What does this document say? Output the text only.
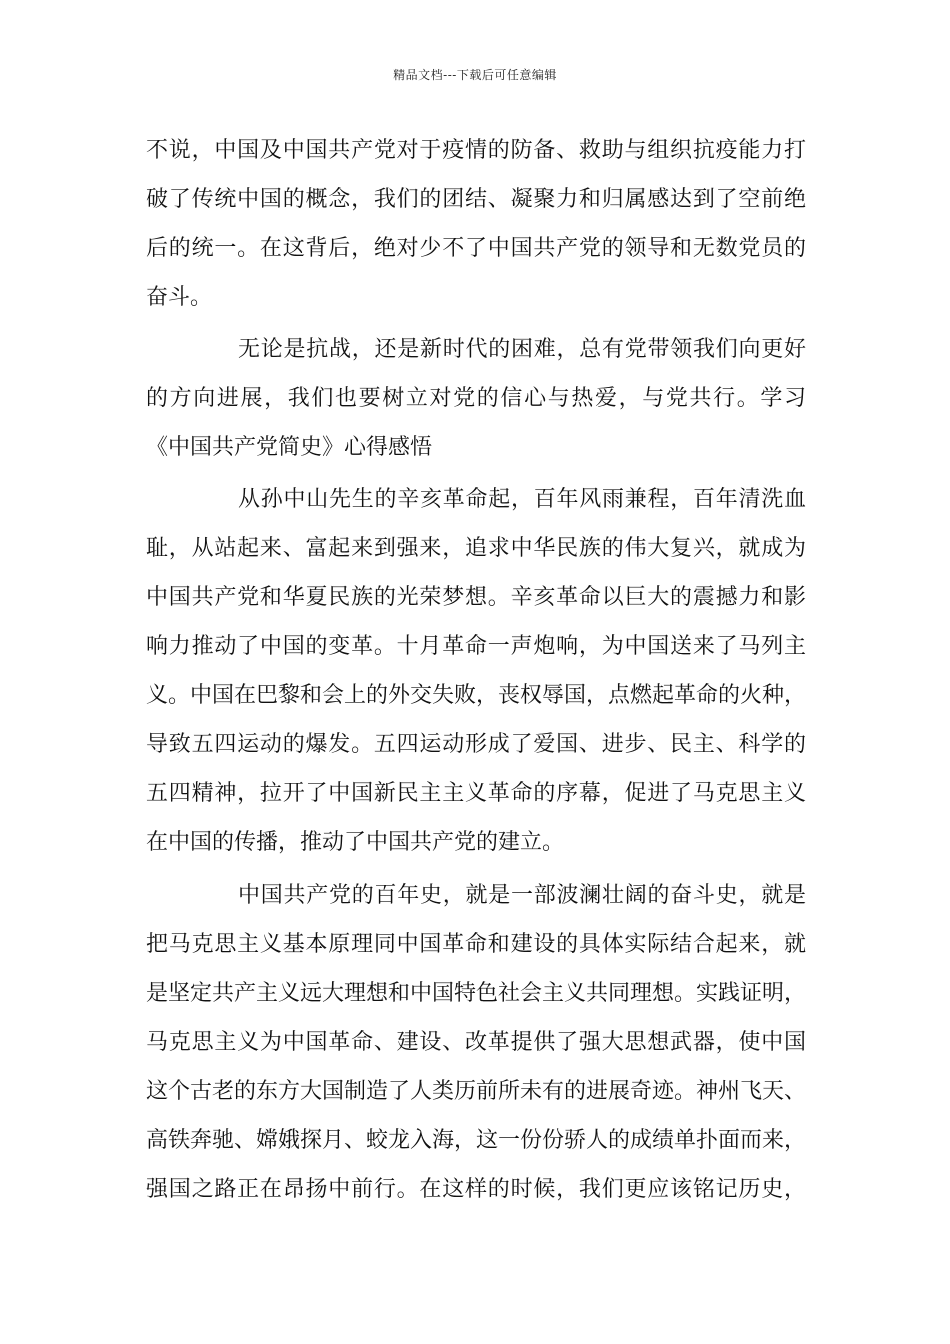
精品文档---下载后可任意编辑
不说，中国及中国共产党对于疫情的防备、救助与组织抗疫能力打
破了传统中国的概念，我们的团结、凝聚力和归属感达到了空前绝
后的统一。在这背后，绝对少不了中国共产党的领导和无数党员的
奋斗。
无论是抗战，还是新时代的困难，总有党带领我们向更好
的方向进展，我们也要树立对党的信心与热爱，与党共行。学习
《中国共产党简史》心得感悟
从孙中山先生的辛亥革命起，百年风雨兼程，百年清洗血
耻，从站起来、富起来到强来，追求中华民族的伟大复兴，就成为
中国共产党和华夏民族的光荣梦想。辛亥革命以巨大的震撼力和影
响力推动了中国的变革。十月革命一声炮响，为中国送来了马列主
义。中国在巴黎和会上的外交失败，丧权辱国，点燃起革命的火种，
导致五四运动的爆发。五四运动形成了爱国、进步、民主、科学的
五四精神，拉开了中国新民主主义革命的序幕，促进了马克思主义
在中国的传播，推动了中国共产党的建立。
中国共产党的百年史，就是一部波澜壮阔的奋斗史，就是
把马克思主义基本原理同中国革命和建设的具体实际结合起来，就
是坚定共产主义远大理想和中国特色社会主义共同理想。实践证明，
马克思主义为中国革命、建设、改革提供了强大思想武器，使中国
这个古老的东方大国制造了人类历前所未有的进展奇迹。神州飞天、
高铁奔驰、嫦娥探月、蛟龙入海，这一份份骄人的成绩单扑面而来，
强国之路正在昂扬中前行。在这样的时候，我们更应该铭记历史，
